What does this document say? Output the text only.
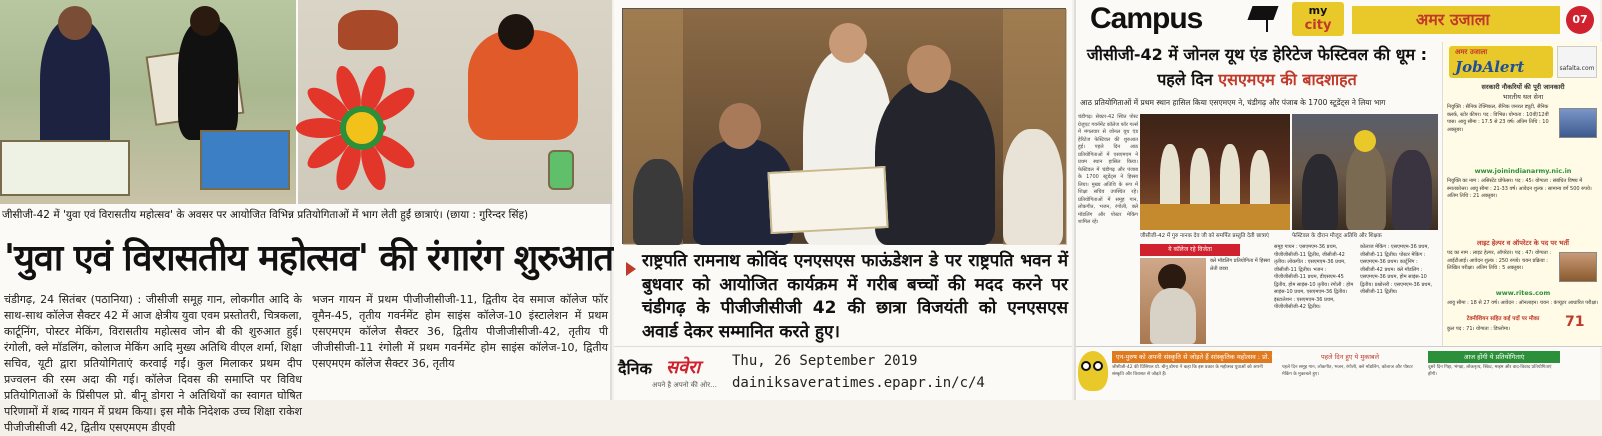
जीसीजी-42 में 'युवा एवं विरासतीय महोत्सव' के अवसर पर आयोजित विभिन्न प्रतियोगिताओं में भाग लेती हुईं छात्राएं। (छाया : गुरिन्दर सिंह)
'युवा एवं विरासतीय महोत्सव' की रंगारंग शुरुआत
चंडीगढ़, 24 सितंबर (पठानिया) : जीसीजी समूह गान, लोकगीत आदि के साथ-साथ कॉलेज सैक्टर 42 में आज क्षेत्रीय युवा एवम प्रस्तोतरी, चित्रकला, कार्टूनिंग, पोस्टर मेकिंग, विरासतीय महोत्सव जोन बी की शुरुआत हुई। रंगोली, क्ले मॉडलिंग, कोलाज मेकिंग आदि मुख्य अतिथि वीएल शर्मा, शिक्षा सचिव, यूटी द्वारा प्रतियोगिताएं करवाई गईं। कुल मिलाकर प्रथम दीप प्रज्वलन की रस्म अदा की गई। कॉलेज दिवस की समाप्ति पर विविध प्रतियोगिताओं के प्रिंसीपल प्रो. बीनू डोगरा ने अतिथियों का स्वागत घोषित परिणामों में शब्द गायन में प्रथम किया। इस मौके निदेशक उच्च शिक्षा राकेश पीजीजीसीजी 42, द्वितीय एसएमएम डीएवी
भजन गायन में प्रथम पीजीजीसीजी-11, द्वितीय देव समाज कॉलेज फॉर वूमैन-45, तृतीय गवर्नमेंट होम साइंस कॉलेज-10 इंस्टालेशन में प्रथम एसएमएम कॉलेज सैक्टर 36, द्वितीय पीजीजीसीजी-42, तृतीय पी जीजीसीजी-11 रंगोली में प्रथम गवर्नमेंट होम साइंस कॉलेज-10, द्वितीय एसएमएम कॉलेज सैक्टर 36, तृतीय
राष्ट्रपति रामनाथ कोविंद एनएसएस फाऊंडेशन डे पर राष्ट्रपति भवन में बुधवार को आयोजित कार्यक्रम में गरीब बच्चों की मदद करने पर चंडीगढ़ के पीजीजीसीजी 42 की छात्रा विजयंती को एनएसएस अवार्ड देकर सम्मानित करते हुए।
दैनिक सवेरा
अपने है अपनो की ओर…
Thu, 26 September 2019
dainiksaveratimes.epapr.in/c/4
Campus	my
city	अमर उजाला	07
जीसीजी-42 में जोनल यूथ एंड हेरिटेज फेस्टिवल की धूम : पहले दिन एसएमएम की बादशाहत
आठ प्रतियोगिताओं में प्रथम स्थान हासिल किया एसएमएम ने, चंडीगढ़ और पंजाब के 1700 स्टूडेंट्स ने लिया भाग
चंडीगढ़। सेक्टर-42 स्थित पोस्ट ग्रेजुएट गवर्नमेंट कॉलेज फॉर गर्ल्स में मंगलवार से जोनल यूथ एंड हेरिटेज फेस्टिवल की शुरुआत हुई। पहले दिन आठ प्रतियोगिताओं में एसएमएम ने प्रथम स्थान हासिल किया। फेस्टिवल में चंडीगढ़ और पंजाब के 1700 स्टूडेंट्स ने हिस्सा लिया। मुख्य अतिथि के रूप में शिक्षा सचिव उपस्थित रहे। प्रतियोगिताओं में समूह गान, लोकगीत, भजन, रंगोली, क्ले मॉडलिंग और पोस्टर मेकिंग शामिल रहे।
जीसीजी-42 में गुरु नानक देव जी को समर्पित प्रस्तुति देती छात्राएं	फेस्टिवल के दौरान मौजूद अतिथि और शिक्षक
ये कॉलेज रहे विजेता
क्ले मॉडलिंग प्रतियोगिता में हिस्सा लेती छात्रा
समूह गायन : एसएमएम-36 प्रथम, पीजीजीसीजी-11 द्वितीय, जीसीजी-42 तृतीय। लोकगीत : एसएमएम-36 प्रथम, जीसीजी-11 द्वितीय। भजन : पीजीजीसीजी-11 प्रथम, डीएसएम-45 द्वितीय, होम साइंस-10 तृतीय। रंगोली : होम साइंस-10 प्रथम, एसएमएम-36 द्वितीय। इंस्टालेशन : एसएमएम-36 प्रथम, पीजीजीसीजी-42 द्वितीय।
कोलाज मेकिंग : एसएमएम-36 प्रथम, जीसीजी-11 द्वितीय। पोस्टर मेकिंग : एसएमएम-36 प्रथम। कार्टूनिंग : जीसीजी-42 प्रथम। क्ले मॉडलिंग : एसएमएम-36 प्रथम, होम साइंस-10 द्वितीय। प्रश्नोत्तरी : एसएमएम-36 प्रथम, जीसीजी-11 द्वितीय।
अमर उजाला
JobAlert	safalta.com
सरकारी नौकरियों की पूरी जानकारी
भारतीय थल सेना
नियुक्ति : सैनिक टेक्निकल, सैनिक जनरल ड्यूटी, सैनिक क्लर्क, स्टोर कीपर। पद : विभिन्न। योग्यता : 10वीं/12वीं पास। आयु सीमा : 17.5 से 23 वर्ष। अंतिम तिथि : 10 अक्तूबर।
www.joinindianarmy.nic.in
नियुक्ति का नाम : असिस्टेंट प्रोफेसर। पद : 45। योग्यता : संबंधित विषय में स्नातकोत्तर। आयु सीमा : 21-33 वर्ष। आवेदन शुल्क : सामान्य वर्ग 500 रुपये। अंतिम तिथि : 21 अक्तूबर।
लाइट हेल्पर व ऑपरेटर के पद पर भर्ती
पद का नाम : लाइट हेल्पर, ऑपरेटर। पद : 47। योग्यता : आईटीआई। आवेदन शुल्क : 250 रुपये। चयन प्रक्रिया : लिखित परीक्षा। अंतिम तिथि : 5 अक्तूबर।
www.rites.com
आयु सीमा : 18 से 27 वर्ष। आवेदन : ऑनलाइन। चयन : कंप्यूटर आधारित परीक्षा।
टेक्नीशियन सहित कई पदों पर मौका
कुल पद : 71। योग्यता : डिप्लोमा।	71
एन-पुरुष को अपनी संस्कृति से जोड़ते हैं सांस्कृतिक महोत्सव : प्रो. बीनू	पहले दिन हुए ये मुकाबले	आज होंगी ये प्रतियोगिताएं
जीसीजी-42 की प्रिंसिपल प्रो. बीनू डोगरा ने कहा कि इस प्रकार के महोत्सव युवाओं को अपनी संस्कृति और विरासत से जोड़ते हैं।
पहले दिन समूह गान, लोकगीत, भजन, रंगोली, क्ले मॉडलिंग, कोलाज और पोस्टर मेकिंग के मुकाबले हुए।
दूसरे दिन गिद्दा, भंगड़ा, लोकनृत्य, स्किट, माइम और वाद-विवाद प्रतियोगिताएं होंगी।
